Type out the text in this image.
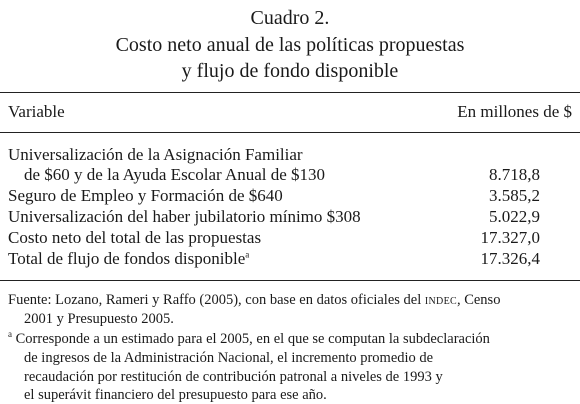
Cuadro 2.
Costo neto anual de las políticas propuestas
y flujo de fondo disponible
Variable	En millones de $
Universalización de la Asignación Familiar
de $60 y de la Ayuda Escolar Anual de $130	8.718,8
Seguro de Empleo y Formación de $640	3.585,2
Universalización del haber jubilatorio mínimo $308	5.022,9
Costo neto del total de las propuestas	17.327,0
Total de flujo de fondos disponible$^a$	17.326,4
Fuente: Lozano, Rameri y Raffo (2005), con base en datos oficiales del INDEC, Censo
2001 y Presupuesto 2005.
$^a$ Corresponde a un estimado para el 2005, en el que se computan la subdeclaración
de ingresos de la Administración Nacional, el incremento promedio de
recaudación por restitución de contribución patronal a niveles de 1993 y
el superávit financiero del presupuesto para ese año.
